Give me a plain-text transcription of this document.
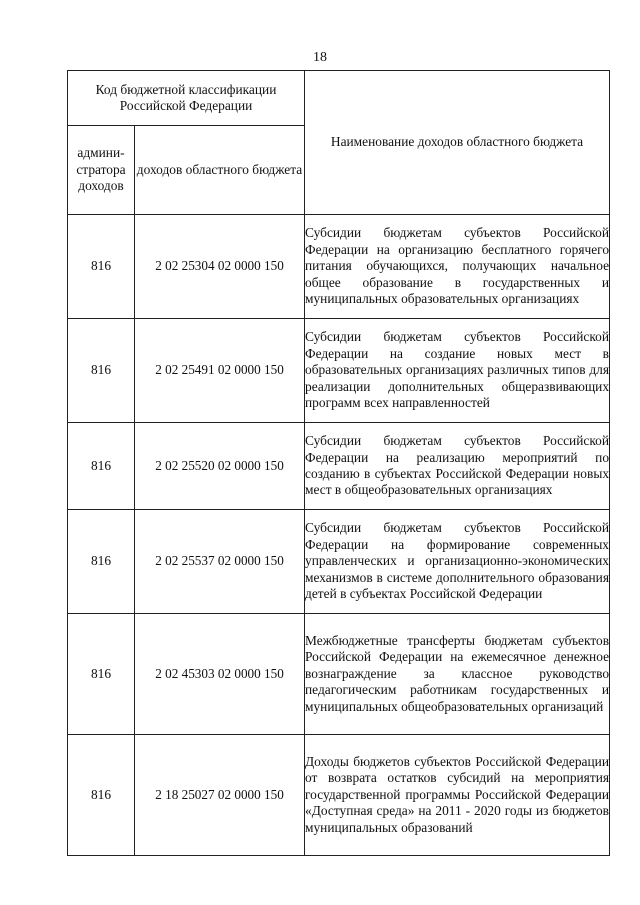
18
Код бюджетной классификации Российской Федерации		Наименование доходов областного бюджета
админи-стратора доходов	доходов областного бюджета	
816	2 02 25304 02 0000 150	Субсидии бюджетам субъектов Российской Федерации на организацию бесплатного горячего питания обучающихся, получающих начальное общее образование в государственных и муниципальных образовательных организациях
816	2 02 25491 02 0000 150	Субсидии бюджетам субъектов Российской Федерации на создание новых мест в образовательных организациях различных типов для реализации дополнительных общеразвивающих программ всех направленностей
816	2 02 25520 02 0000 150	Субсидии бюджетам субъектов Российской Федерации на реализацию мероприятий по созданию в субъектах Российской Федерации новых мест в общеобразовательных организациях
816	2 02 25537 02 0000 150	Субсидии бюджетам субъектов Российской Федерации на формирование современных управленческих и организационно-экономических механизмов в системе дополнительного образования детей в субъектах Российской Федерации
816	2 02 45303 02 0000 150	Межбюджетные трансферты бюджетам субъектов Российской Федерации на ежемесячное денежное вознаграждение за классное руководство педагогическим работникам государственных и муниципальных общеобразовательных организаций
816	2 18 25027 02 0000 150	Доходы бюджетов субъектов Российской Федерации от возврата остатков субсидий на мероприятия государственной программы Российской Федерации «Доступная среда» на 2011 - 2020 годы из бюджетов муниципальных образований
